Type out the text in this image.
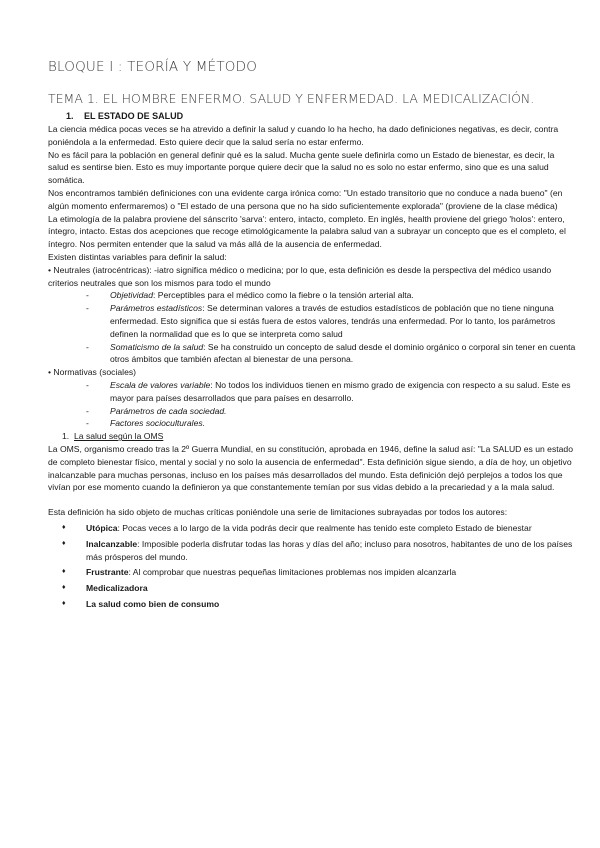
BLOQUE I : TEORÍA Y MÉTODO
TEMA 1. EL HOMBRE ENFERMO. SALUD Y ENFERMEDAD. LA MEDICALIZACIÓN.
1. EL ESTADO DE SALUD

La ciencia médica pocas veces se ha atrevido a definir la salud y cuando lo ha hecho, ha dado definiciones negativas, es decir, contra poniéndola a la enfermedad. Esto quiere decir que la salud sería no estar enfermo.

No es fácil para la población en general definir qué es la salud. Mucha gente suele definirla como un Estado de bienestar, es decir, la salud es sentirse bien. Esto es muy importante porque quiere decir que la salud no es solo no estar enfermo, sino que es una salud somática.

Nos encontramos también definiciones con una evidente carga irónica como: "Un estado transitorio que no conduce a nada bueno" (en algún momento enfermaremos) o "El estado de una persona que no ha sido suficientemente explorada" (proviene de la clase médica)

La etimología de la palabra proviene del sánscrito 'sarva': entero, intacto, completo. En inglés, health proviene del griego 'holos': entero, íntegro, intacto. Estas dos acepciones que recoge etimológicamente la palabra salud van a subrayar un concepto que es el completo, el íntegro. Nos permiten entender que la salud va más allá de la ausencia de enfermedad.

Existen distintas variables para definir la salud:

• Neutrales (iatrocéntricas): -iatro significa médico o medicina; por lo que, esta definición es desde la perspectiva del médico usando criterios neutrales que son los mismos para todo el mundo
- Objetividad: Perceptibles para el médico como la fiebre o la tensión arterial alta.
- Parámetros estadísticos: Se determinan valores a través de estudios estadísticos de población que no tiene ninguna enfermedad. Esto significa que si estás fuera de estos valores, tendrás una enfermedad. Por lo tanto, los parámetros definen la normalidad que es lo que se interpreta como salud
- Somaticismo de la salud: Se ha construido un concepto de salud desde el dominio orgánico o corporal sin tener en cuenta otros ámbitos que también afectan al bienestar de una persona.
• Normativas (sociales)
- Escala de valores variable: No todos los individuos tienen en mismo grado de exigencia con respecto a su salud. Este es mayor para países desarrollados que para países en desarrollo.
- Parámetros de cada sociedad.
- Factores socioculturales.
1. La salud según la OMS

La OMS, organismo creado tras la 2º Guerra Mundial, en su constitución, aprobada en 1946, define la salud así: "La SALUD es un estado de completo bienestar físico, mental y social y no solo la ausencia de enfermedad". Esta definición sigue siendo, a día de hoy, un objetivo inalcanzable para muchas personas, incluso en los países más desarrollados del mundo. Esta definición dejó perplejos a todos los que vivían por ese momento cuando la definieron ya que constantemente temían por sus vidas debido a la precariedad y a la mala salud.

Esta definición ha sido objeto de muchas críticas poniéndole una serie de limitaciones subrayadas por todos los autores:

♦ Utópica: Pocas veces a lo largo de la vida podrás decir que realmente has tenido este completo Estado de bienestar
♦ Inalcanzable: Imposible poderla disfrutar todas las horas y días del año; incluso para nosotros, habitantes de uno de los países más prósperos del mundo.
♦ Frustrante: Al comprobar que nuestras pequeñas limitaciones problemas nos impiden alcanzarla
♦ Medicalizadora
♦ La salud como bien de consumo
